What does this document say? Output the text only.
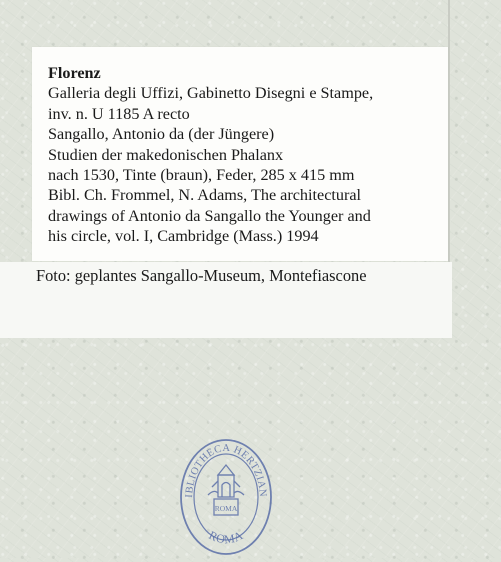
Florenz
Galleria degli Uffizi, Gabinetto Disegni e Stampe,
inv. n. U 1185 A recto
Sangallo, Antonio da (der Jüngere)
Studien der makedonischen Phalanx
nach 1530, Tinte (braun), Feder, 285 x 415 mm
Bibl. Ch. Frommel, N. Adams, The architectural
drawings of Antonio da Sangallo the Younger and
his circle, vol. I, Cambridge (Mass.) 1994
Foto: geplantes Sangallo-Museum, Montefiascone
IBLIOTHECA HERTZIAN
ROMA
ROMA
